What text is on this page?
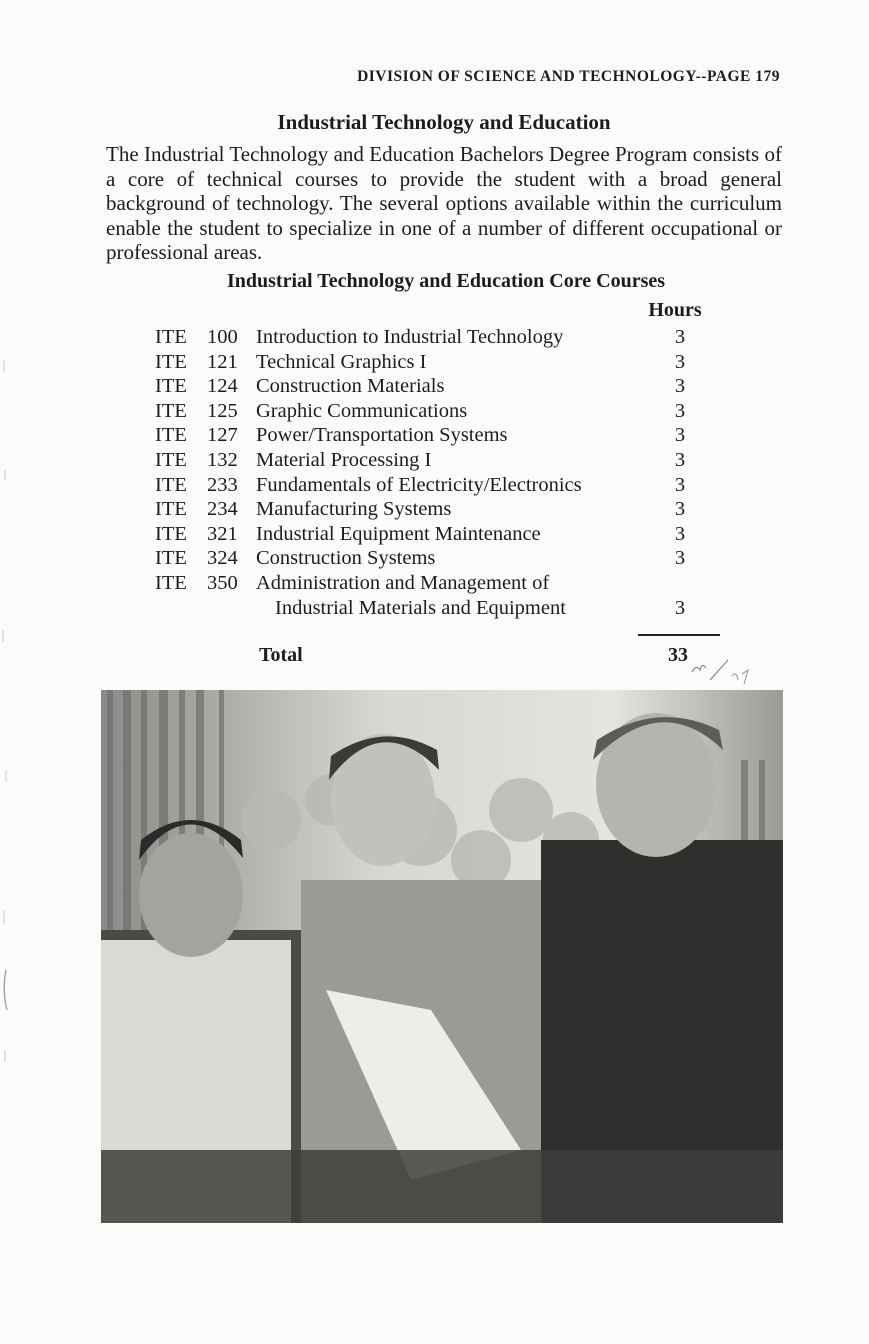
DIVISION OF SCIENCE AND TECHNOLOGY--PAGE 179
Industrial Technology and Education

The Industrial Technology and Education Bachelors Degree Program consists of a core of technical courses to provide the student with a broad general background of technology. The several options available within the curriculum enable the student to specialize in one of a number of different occupational or professional areas.

Industrial Technology and Education Core Courses
Hours
ITE 100 Introduction to Industrial Technology	3
ITE 121 Technical Graphics I	3
ITE 124 Construction Materials	3
ITE 125 Graphic Communications	3
ITE 127 Power/Transportation Systems	3
ITE 132 Material Processing I	3
ITE 233 Fundamentals of Electricity/Electronics	3
ITE 234 Manufacturing Systems	3
ITE 321 Industrial Equipment Maintenance	3
ITE 324 Construction Systems	3
ITE 350 Administration and Management of
Industrial Materials and Equipment	3
Total	33
